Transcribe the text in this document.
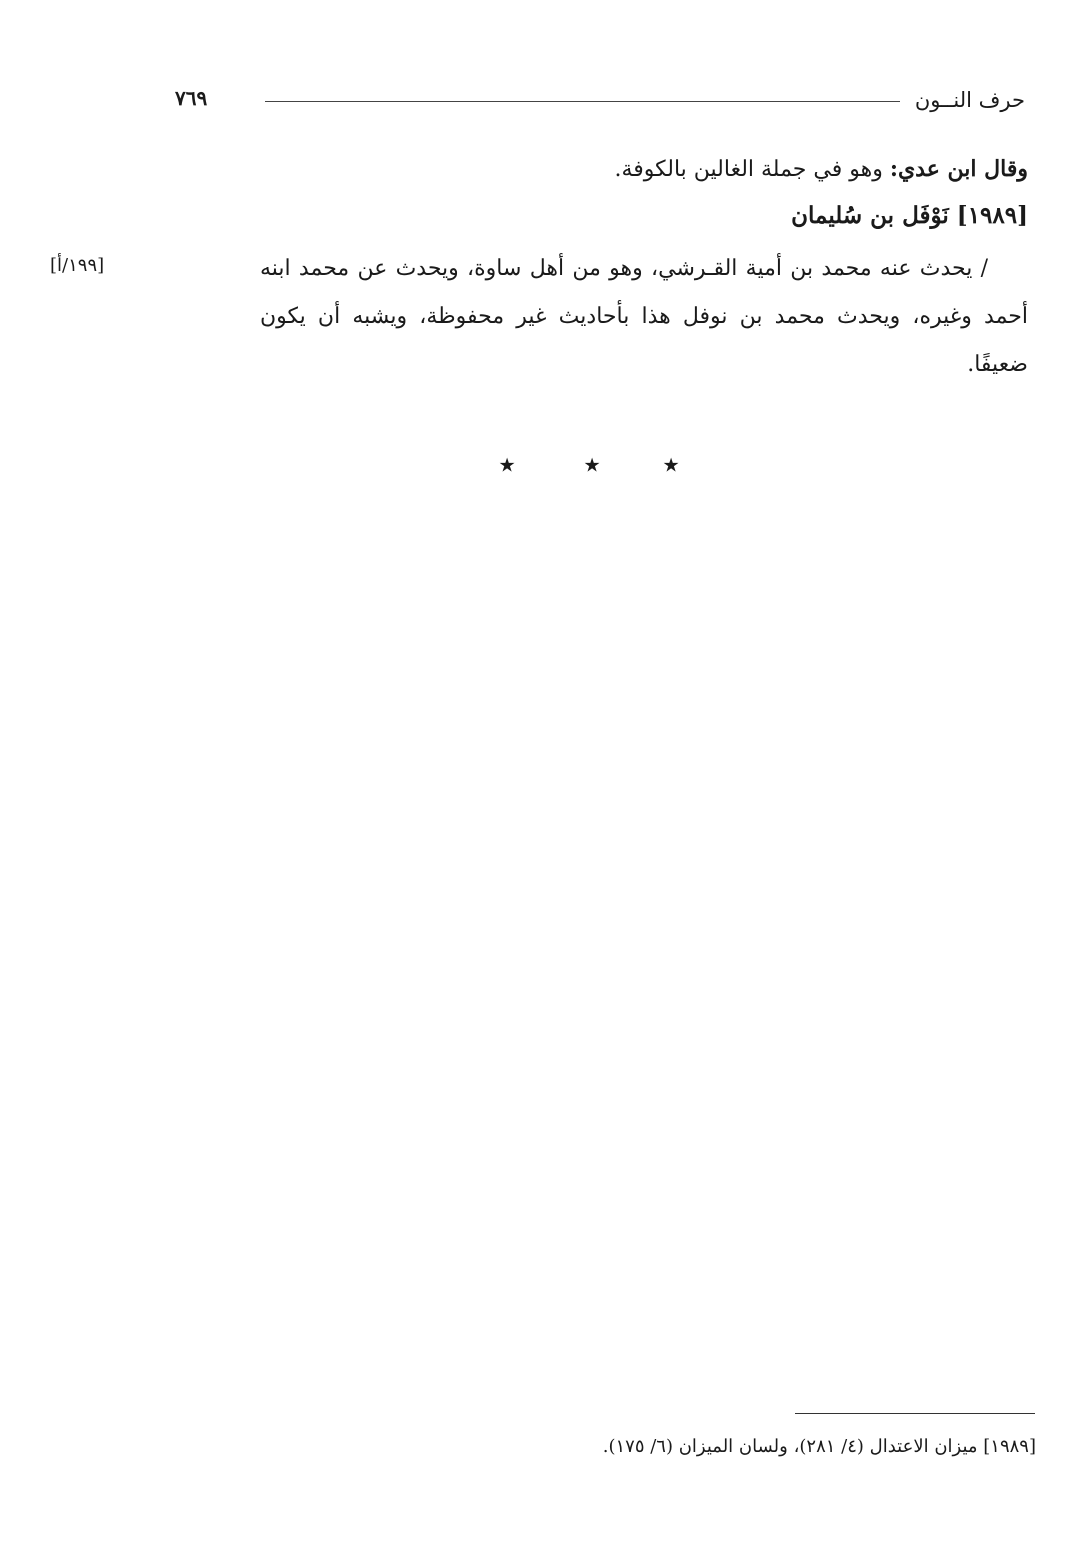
حرف النــون
٧٦٩

وقال ابن عدي: وهو في جملة الغالين بالكوفة.

[١٩٨٩] نَوْفَل بن سُليمان

/ يحدث عنه محمد بن أمية القـرشي، وهو من أهل ساوة، ويحدث عن محمد ابنه أحمد وغيره، ويحدث محمد بن نوفل هذا بأحاديث غير محفوظة، ويشبه أن يكون ضعيفًا.

[١٩٩/أ]
٭	٭ ٭
[١٩٨٩] ميزان الاعتدال (٤/ ٢٨١)، ولسان الميزان (٦/ ١٧٥).
